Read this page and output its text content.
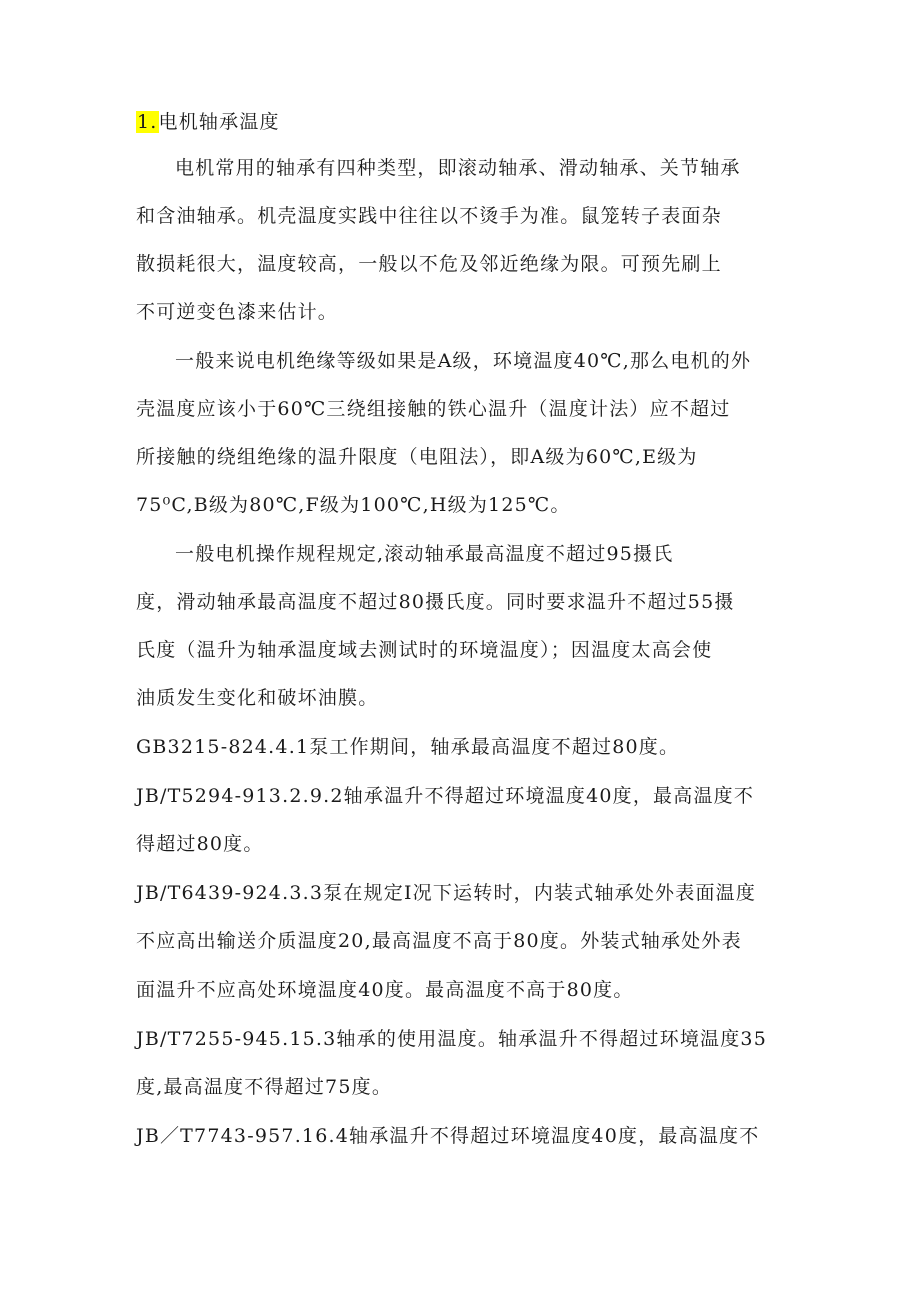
1.电机轴承温度
电机常用的轴承有四种类型，即滚动轴承、滑动轴承、关节轴承
和含油轴承。机壳温度实践中往往以不烫手为准。鼠笼转子表面杂
散损耗很大，温度较高，一般以不危及邻近绝缘为限。可预先刷上
不可逆变色漆来估计。
一般来说电机绝缘等级如果是A级，环境温度40℃,那么电机的外
壳温度应该小于60℃三绕组接触的铁心温升（温度计法）应不超过
所接触的绕组绝缘的温升限度（电阻法），即A级为60℃,E级为
75⁰C,B级为80℃,F级为100℃,H级为125℃。
一般电机操作规程规定,滚动轴承最高温度不超过95摄氏
度，滑动轴承最高温度不超过80摄氏度。同时要求温升不超过55摄
氏度（温升为轴承温度域去测试时的环境温度）；因温度太高会使
油质发生变化和破坏油膜。
GB3215-824.4.1泵工作期间，轴承最高温度不超过80度。
JB/T5294-913.2.9.2轴承温升不得超过环境温度40度，最高温度不
得超过80度。
JB/T6439-924.3.3泵在规定I况下运转时，内装式轴承处外表面温度
不应高出输送介质温度20,最高温度不高于80度。外装式轴承处外表
面温升不应高处环境温度40度。最高温度不高于80度。
JB/T7255-945.15.3轴承的使用温度。轴承温升不得超过环境温度35
度,最高温度不得超过75度。
JB／T7743-957.16.4轴承温升不得超过环境温度40度，最高温度不
